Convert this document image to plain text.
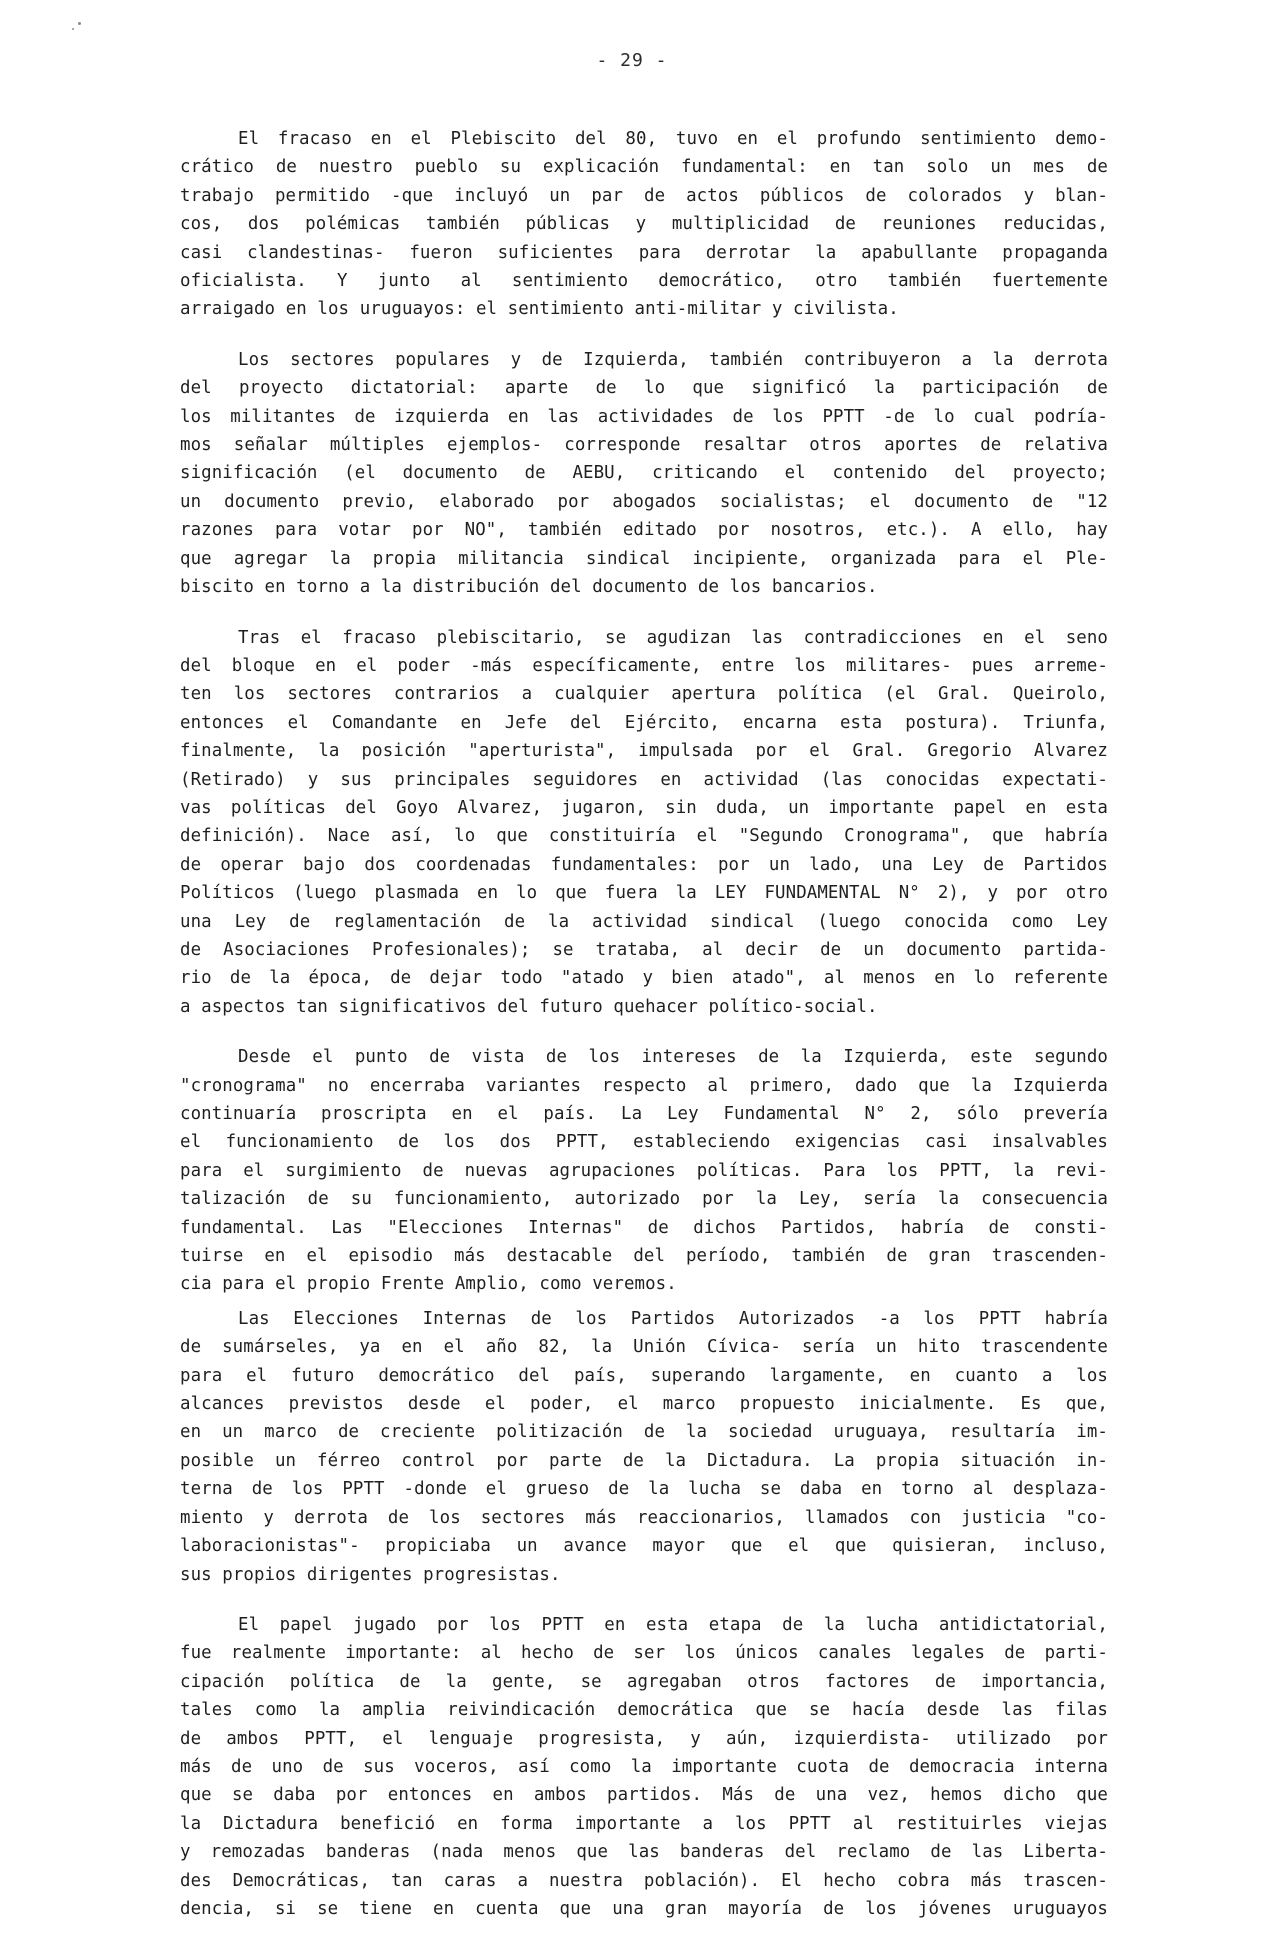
- 29 -
El fracaso en el Plebiscito del 80, tuvo en el profundo sentimiento demo-
crático de nuestro pueblo su explicación fundamental: en tan solo un mes de
trabajo permitido -que incluyó un par de actos públicos de colorados y blan-
cos, dos polémicas también públicas y multiplicidad de reuniones reducidas,
casi clandestinas- fueron suficientes para derrotar la apabullante propaganda
oficialista. Y junto al sentimiento democrático, otro también fuertemente
arraigado en los uruguayos: el sentimiento anti-militar y civilista.
Los sectores populares y de Izquierda, también contribuyeron a la derrota
del proyecto dictatorial: aparte de lo que significó la participación de
los militantes de izquierda en las actividades de los PPTT -de lo cual podría-
mos señalar múltiples ejemplos- corresponde resaltar otros aportes de relativa
significación (el documento de AEBU, criticando el contenido del proyecto;
un documento previo, elaborado por abogados socialistas; el documento de "12
razones para votar por NO", también editado por nosotros, etc.). A ello, hay
que agregar la propia militancia sindical incipiente, organizada para el Ple-
biscito en torno a la distribución del documento de los bancarios.
Tras el fracaso plebiscitario, se agudizan las contradicciones en el seno
del bloque en el poder -más específicamente, entre los militares- pues arreme-
ten los sectores contrarios a cualquier apertura política (el Gral. Queirolo,
entonces el Comandante en Jefe del Ejército, encarna esta postura). Triunfa,
finalmente, la posición "aperturista", impulsada por el Gral. Gregorio Alvarez
(Retirado) y sus principales seguidores en actividad (las conocidas expectati-
vas políticas del Goyo Alvarez, jugaron, sin duda, un importante papel en esta
definición). Nace así, lo que constituiría el "Segundo Cronograma", que habría
de operar bajo dos coordenadas fundamentales: por un lado, una Ley de Partidos
Políticos (luego plasmada en lo que fuera la LEY FUNDAMENTAL N° 2), y por otro
una Ley de reglamentación de la actividad sindical (luego conocida como Ley
de Asociaciones Profesionales); se trataba, al decir de un documento partida-
rio de la época, de dejar todo "atado y bien atado", al menos en lo referente
a aspectos tan significativos del futuro quehacer político-social.
Desde el punto de vista de los intereses de la Izquierda, este segundo
"cronograma" no encerraba variantes respecto al primero, dado que la Izquierda
continuaría proscripta en el país. La Ley Fundamental N° 2, sólo prevería
el funcionamiento de los dos PPTT, estableciendo exigencias casi insalvables
para el surgimiento de nuevas agrupaciones políticas. Para los PPTT, la revi-
talización de su funcionamiento, autorizado por la Ley, sería la consecuencia
fundamental. Las "Elecciones Internas" de dichos Partidos, habría de consti-
tuirse en el episodio más destacable del período, también de gran trascenden-
cia para el propio Frente Amplio, como veremos.
Las Elecciones Internas de los Partidos Autorizados -a los PPTT habría
de sumárseles, ya en el año 82, la Unión Cívica- sería un hito trascendente
para el futuro democrático del país, superando largamente, en cuanto a los
alcances previstos desde el poder, el marco propuesto inicialmente. Es que,
en un marco de creciente politización de la sociedad uruguaya, resultaría im-
posible un férreo control por parte de la Dictadura. La propia situación in-
terna de los PPTT -donde el grueso de la lucha se daba en torno al desplaza-
miento y derrota de los sectores más reaccionarios, llamados con justicia "co-
laboracionistas"- propiciaba un avance mayor que el que quisieran, incluso,
sus propios dirigentes progresistas.
El papel jugado por los PPTT en esta etapa de la lucha antidictatorial,
fue realmente importante: al hecho de ser los únicos canales legales de parti-
cipación política de la gente, se agregaban otros factores de importancia,
tales como la amplia reivindicación democrática que se hacía desde las filas
de ambos PPTT, el lenguaje progresista, y aún, izquierdista- utilizado por
más de uno de sus voceros, así como la importante cuota de democracia interna
que se daba por entonces en ambos partidos. Más de una vez, hemos dicho que
la Dictadura benefició en forma importante a los PPTT al restituirles viejas
y remozadas banderas (nada menos que las banderas del reclamo de las Liberta-
des Democráticas, tan caras a nuestra población). El hecho cobra más trascen-
dencia, si se tiene en cuenta que una gran mayoría de los jóvenes uruguayos
